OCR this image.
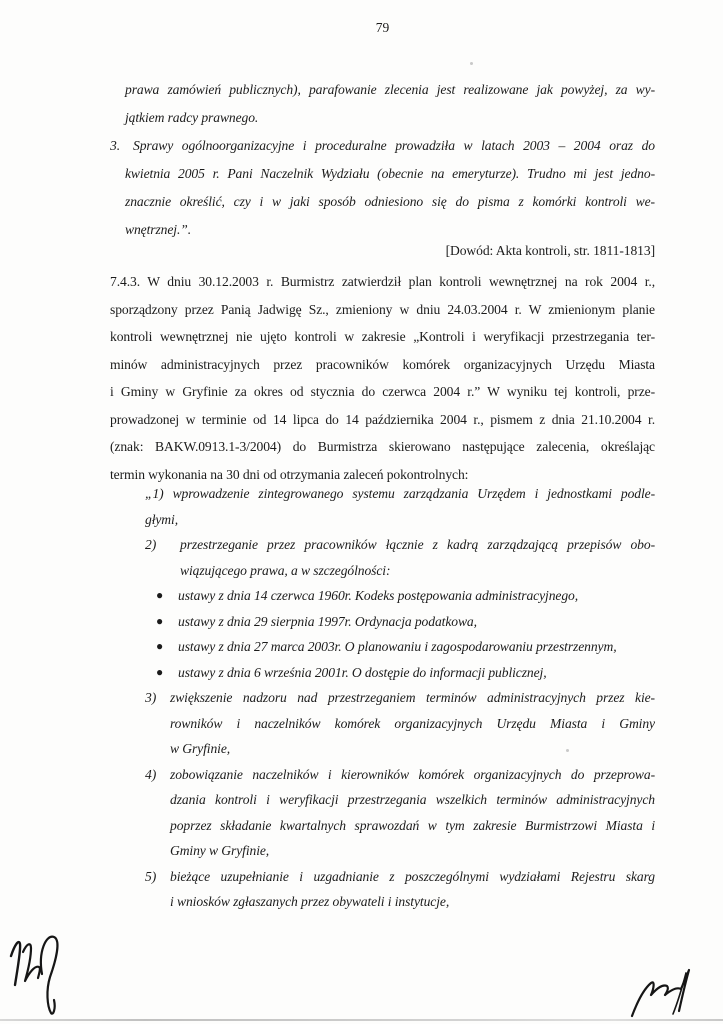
79
prawa zamówień publicznych), parafowanie zlecenia jest realizowane jak powyżej, za wy-
jątkiem radcy prawnego.
3. Sprawy ogólnoorganizacyjne i proceduralne prowadziła w latach 2003 – 2004 oraz do
kwietnia 2005 r. Pani Naczelnik Wydziału (obecnie na emeryturze). Trudno mi jest jedno-
znacznie określić, czy i w jaki sposób odniesiono się do pisma z komórki kontroli we-
wnętrznej.”.
[Dowód: Akta kontroli, str. 1811-1813]
7.4.3. W dniu 30.12.2003 r. Burmistrz zatwierdził plan kontroli wewnętrznej na rok 2004 r.,
sporządzony przez Panią Jadwigę Sz., zmieniony w dniu 24.03.2004 r. W zmienionym planie
kontroli wewnętrznej nie ujęto kontroli w zakresie „Kontroli i weryfikacji przestrzegania ter-
minów administracyjnych przez pracowników komórek organizacyjnych Urzędu Miasta
i Gminy w Gryfinie za okres od stycznia do czerwca 2004 r.” W wyniku tej kontroli, prze-
prowadzonej w terminie od 14 lipca do 14 października 2004 r., pismem z dnia 21.10.2004 r.
(znak: BAKW.0913.1-3/2004) do Burmistrza skierowano następujące zalecenia, określając
termin wykonania na 30 dni od otrzymania zaleceń pokontrolnych:
„1) wprowadzenie zintegrowanego systemu zarządzania Urzędem i jednostkami podle-
głymi,
2) przestrzeganie przez pracowników łącznie z kadrą zarządzającą przepisów obo-
wiązującego prawa, a w szczególności:
● ustawy z dnia 14 czerwca 1960r. Kodeks postępowania administracyjnego,
● ustawy z dnia 29 sierpnia 1997r. Ordynacja podatkowa,
● ustawy z dnia 27 marca 2003r. O planowaniu i zagospodarowaniu przestrzennym,
● ustawy z dnia 6 września 2001r. O dostępie do informacji publicznej,
3) zwiększenie nadzoru nad przestrzeganiem terminów administracyjnych przez kie-
rowników i naczelników komórek organizacyjnych Urzędu Miasta i Gminy
w Gryfinie,
4) zobowiązanie naczelników i kierowników komórek organizacyjnych do przeprowa-
dzania kontroli i weryfikacji przestrzegania wszelkich terminów administracyjnych
poprzez składanie kwartalnych sprawozdań w tym zakresie Burmistrzowi Miasta i
Gminy w Gryfinie,
5) bieżące uzupełnianie i uzgadnianie z poszczególnymi wydziałami Rejestru skarg
i wniosków zgłaszanych przez obywateli i instytucje,
